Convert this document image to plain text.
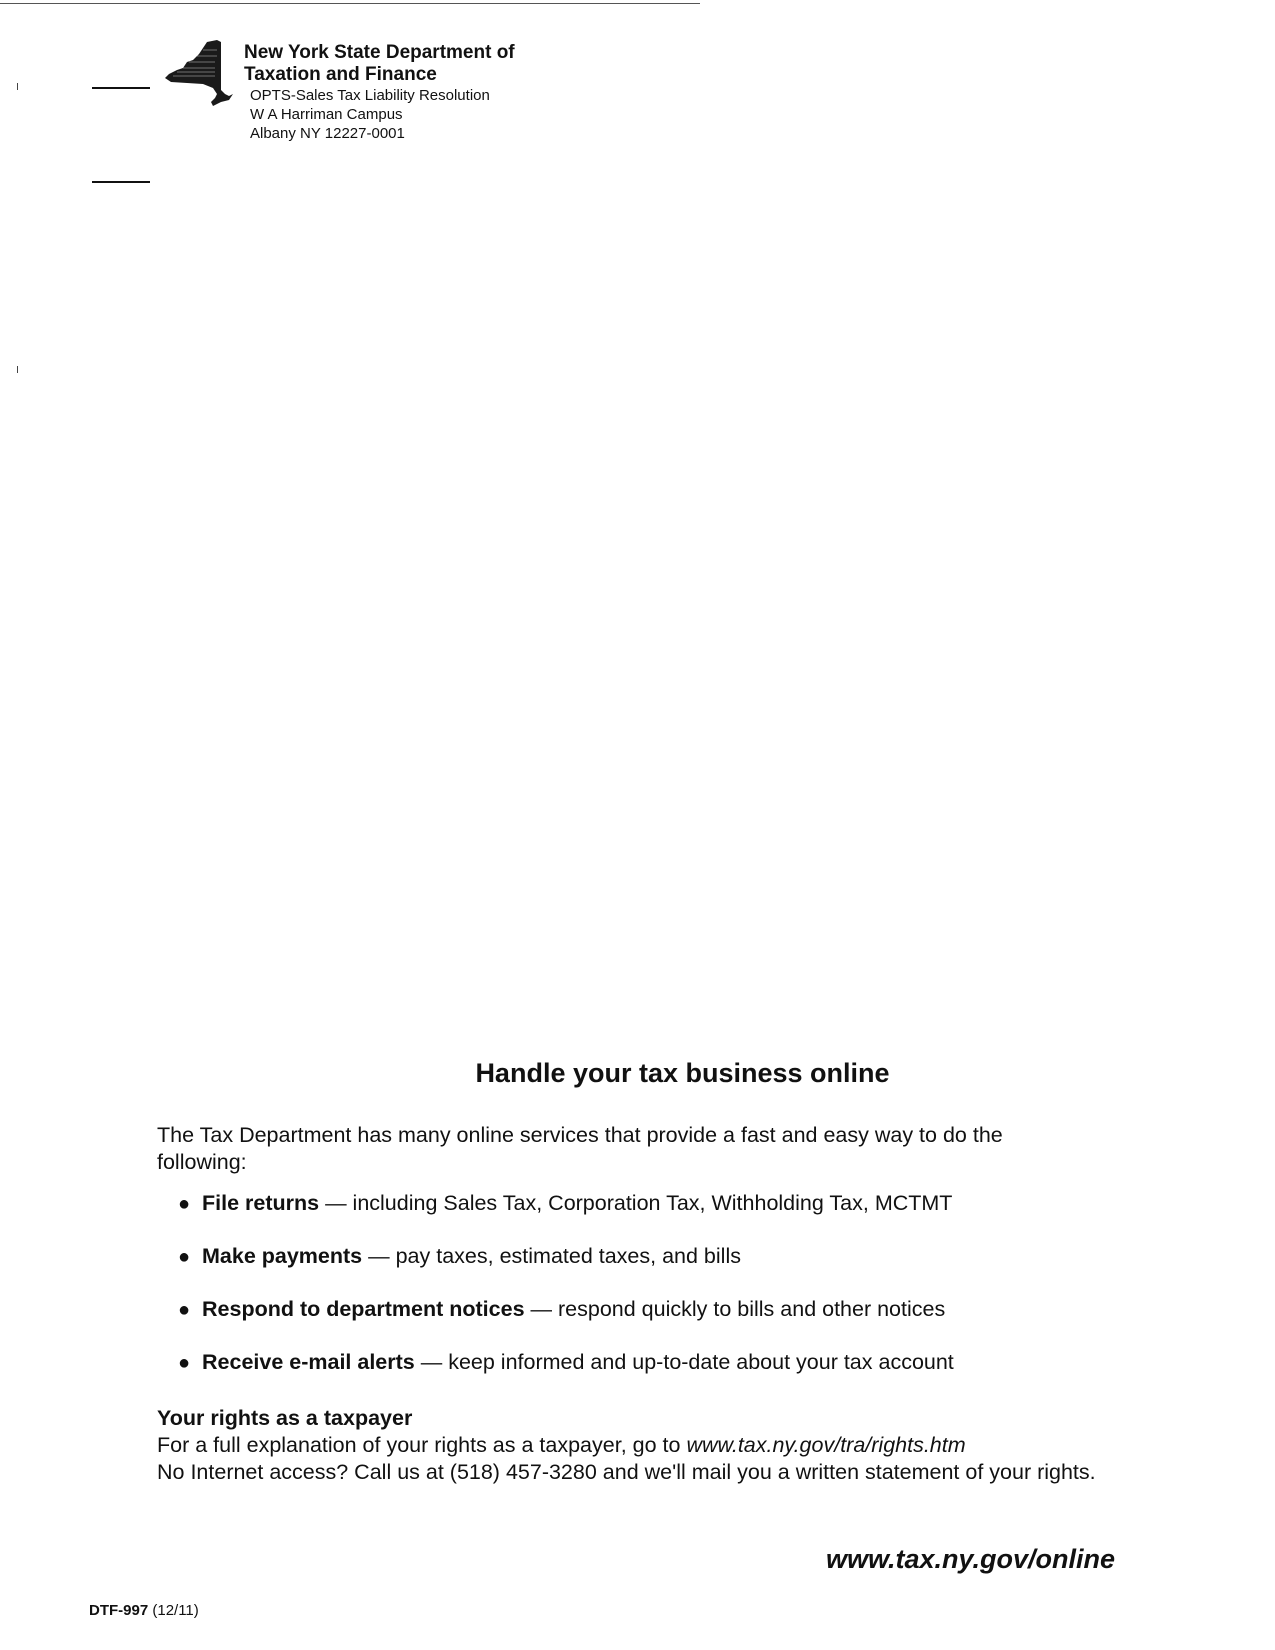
New York State Department of
Taxation and Finance
OPTS-Sales Tax Liability Resolution
W A Harriman Campus
Albany NY 12227-0001
Handle your tax business online
The Tax Department has many online services that provide a fast and easy way to do the following:
● File returns — including Sales Tax, Corporation Tax, Withholding Tax, MCTMT
● Make payments — pay taxes, estimated taxes, and bills
● Respond to department notices — respond quickly to bills and other notices
● Receive e-mail alerts — keep informed and up-to-date about your tax account
Your rights as a taxpayer
For a full explanation of your rights as a taxpayer, go to www.tax.ny.gov/tra/rights.htm
No Internet access? Call us at (518) 457-3280 and we'll mail you a written statement of your rights.
www.tax.ny.gov/online
DTF-997 (12/11)
